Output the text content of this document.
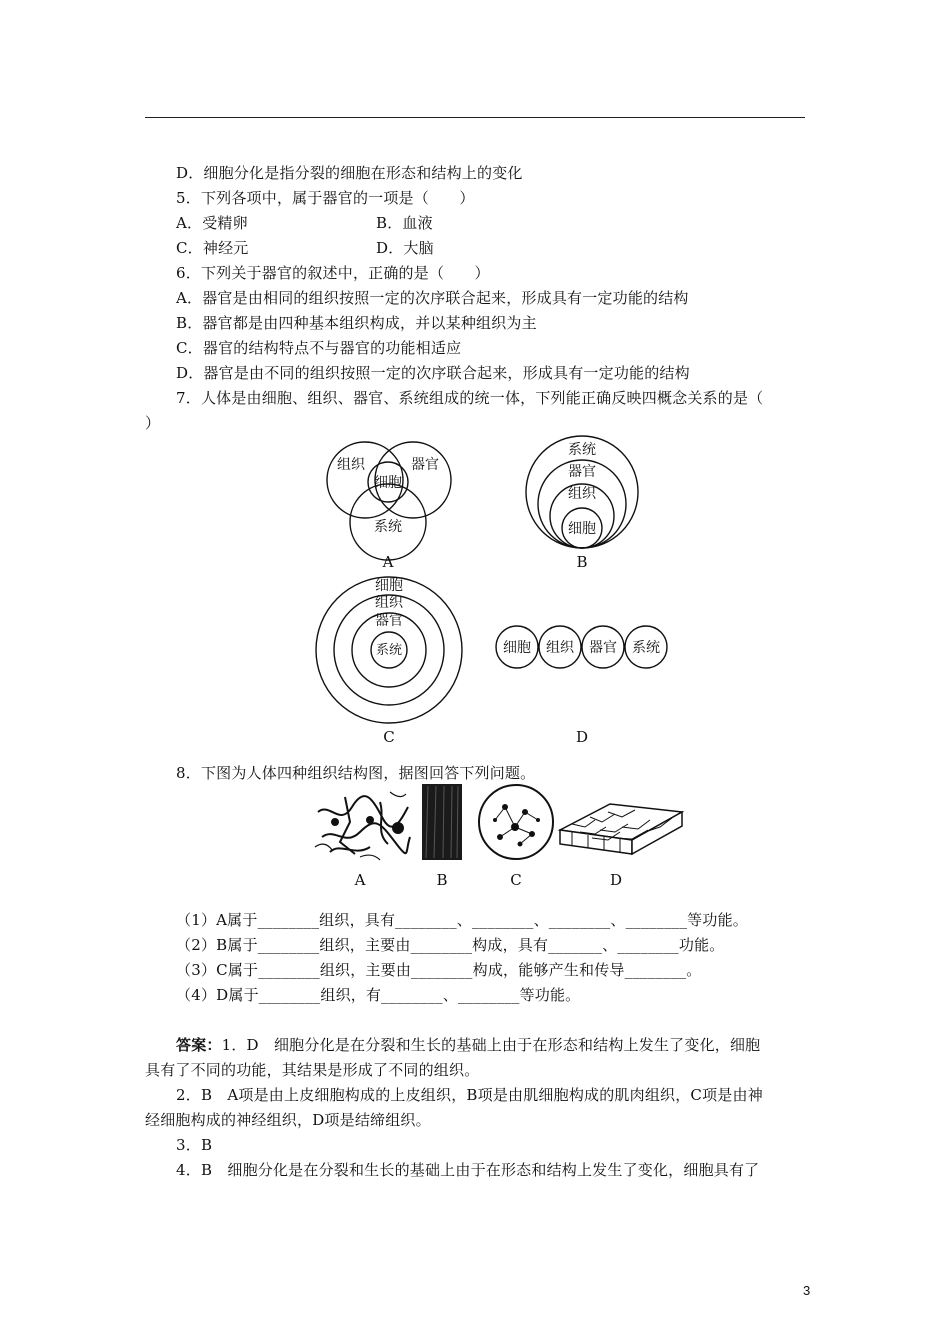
D．细胞分化是指分裂的细胞在形态和结构上的变化
5．下列各项中，属于器官的一项是（　　）
A．受精卵	B．血液
C．神经元	D．大脑
6．下列关于器官的叙述中，正确的是（　　）
A．器官是由相同的组织按照一定的次序联合起来，形成具有一定功能的结构
B．器官都是由四种基本组织构成，并以某种组织为主
C．器官的结构特点不与器官的功能相适应
D．器官是由不同的组织按照一定的次序联合起来，形成具有一定功能的结构
7．人体是由细胞、组织、器官、系统组成的统一体，下列能正确反映四概念关系的是（
）
组织	器官
细胞
系统
A
系统
器官
组织
细胞
B
细胞
组织
器官
系统
C
细胞 组织 器官 系统
D
8．下图为人体四种组织结构图，据图回答下列问题。
A	B	C	D
（1）A属于________组织，具有________、________、________、________等功能。
（2）B属于________组织，主要由________构成，具有_______、________功能。
（3）C属于________组织，主要由________构成，能够产生和传导________。
（4）D属于________组织，有________、________等功能。
答案：1．D　细胞分化是在分裂和生长的基础上由于在形态和结构上发生了变化，细胞
具有了不同的功能，其结果是形成了不同的组织。
2．B　A项是由上皮细胞构成的上皮组织，B项是由肌细胞构成的肌肉组织，C项是由神
经细胞构成的神经组织，D项是结缔组织。
3．B
4．B　细胞分化是在分裂和生长的基础上由于在形态和结构上发生了变化，细胞具有了
3
